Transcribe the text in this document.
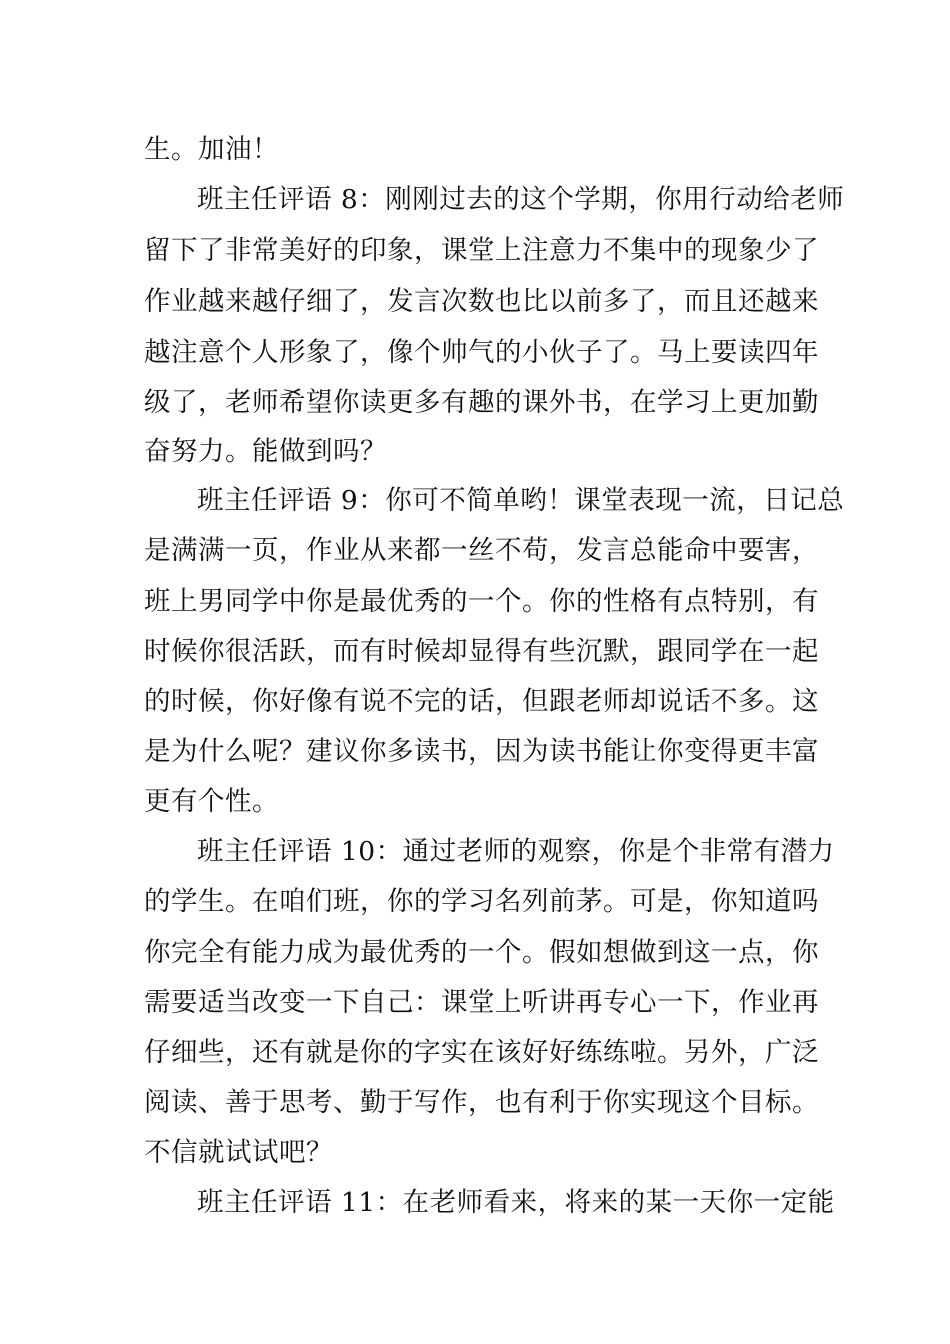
生。加油！
班主任评语 8：刚刚过去的这个学期，你用行动给老师
留下了非常美好的印象，课堂上注意力不集中的现象少了
作业越来越仔细了，发言次数也比以前多了，而且还越来
越注意个人形象了，像个帅气的小伙子了。马上要读四年
级了，老师希望你读更多有趣的课外书，在学习上更加勤
奋努力。能做到吗？
班主任评语 9：你可不简单哟！课堂表现一流，日记总
是满满一页，作业从来都一丝不苟，发言总能命中要害，
班上男同学中你是最优秀的一个。你的性格有点特别，有
时候你很活跃，而有时候却显得有些沉默，跟同学在一起
的时候，你好像有说不完的话，但跟老师却说话不多。这
是为什么呢？建议你多读书，因为读书能让你变得更丰富
更有个性。
班主任评语 10：通过老师的观察，你是个非常有潜力
的学生。在咱们班，你的学习名列前茅。可是，你知道吗
你完全有能力成为最优秀的一个。假如想做到这一点，你
需要适当改变一下自己：课堂上听讲再专心一下，作业再
仔细些，还有就是你的字实在该好好练练啦。另外，广泛
阅读、善于思考、勤于写作，也有利于你实现这个目标。
不信就试试吧？
班主任评语 11：在老师看来，将来的某一天你一定能
